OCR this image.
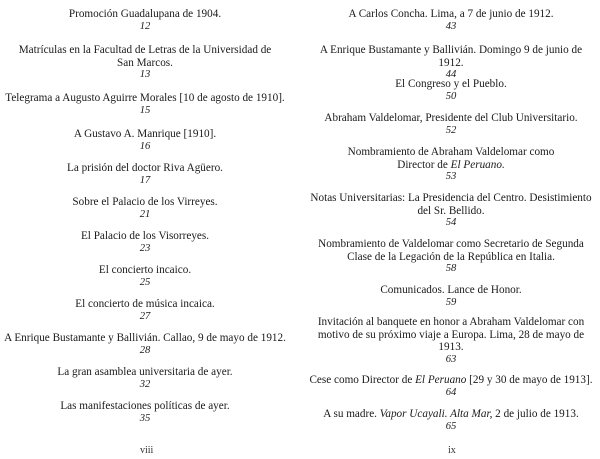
Promoción Guadalupana de 1904.
12
Matrículas en la Facultad de Letras de la Universidad de San Marcos.
13
Telegrama a Augusto Aguirre Morales [10 de agosto de 1910].
15
A Gustavo A. Manrique [1910].
16
La prisión del doctor Riva Agüero.
17
Sobre el Palacio de los Virreyes.
21
El Palacio de los Visorreyes.
23
El concierto incaico.
25
El concierto de música incaica.
27
A Enrique Bustamante y Ballivián. Callao, 9 de mayo de 1912.
28
La gran asamblea universitaria de ayer.
32
Las manifestaciones políticas de ayer.
35
A Carlos Concha. Lima, a 7 de junio de 1912.
43
A Enrique Bustamante y Ballivián. Domingo 9 de junio de 1912.
44
El Congreso y el Pueblo.
50
Abraham Valdelomar, Presidente del Club Universitario.
52
Nombramiento de Abraham Valdelomar como Director de El Peruano.
53
Notas Universitarias: La Presidencia del Centro. Desistimiento del Sr. Bellido.
54
Nombramiento de Valdelomar como Secretario de Segunda Clase de la Legación de la República en Italia.
58
Comunicados. Lance de Honor.
59
Invitación al banquete en honor a Abraham Valdelomar con motivo de su próximo viaje a Europa. Lima, 28 de mayo de 1913.
63
Cese como Director de El Peruano [29 y 30 de mayo de 1913].
64
A su madre. Vapor Ucayali. Alta Mar, 2 de julio de 1913.
65
viii	ix
